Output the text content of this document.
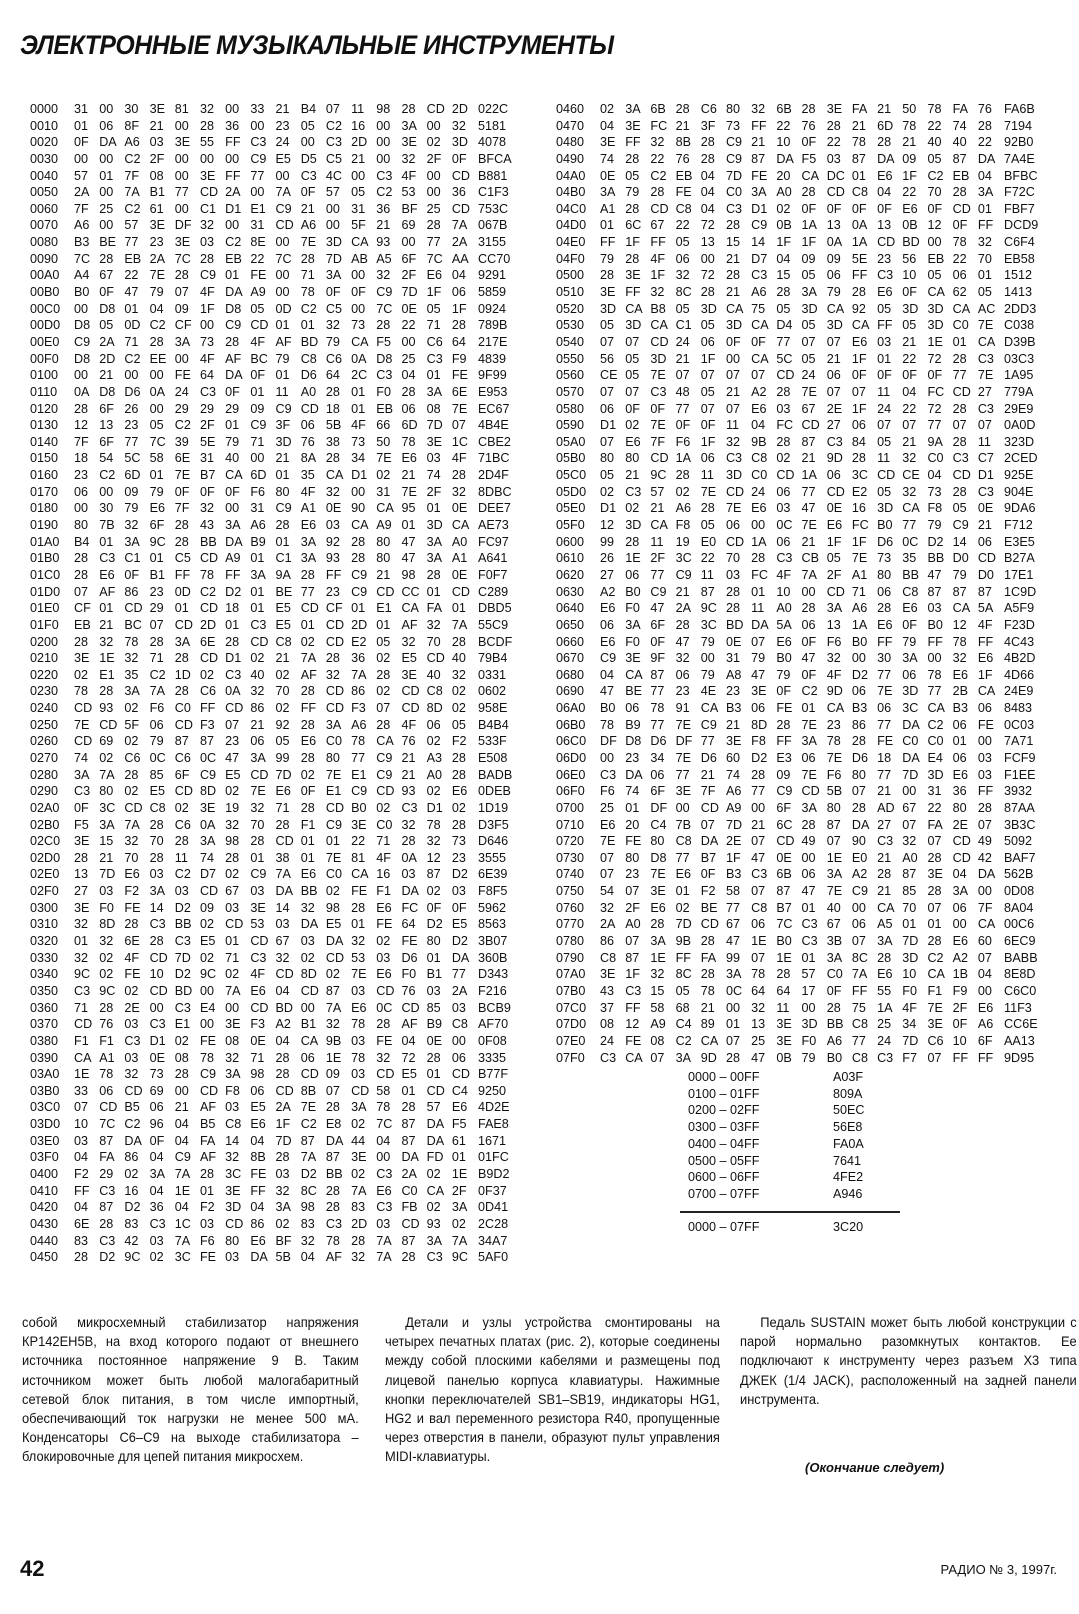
ЭЛЕКТРОННЫЕ МУЗЫКАЛЬНЫЕ ИНСТРУМЕНТЫ
0000	31 00 30 3E 81 32 00 33 21 B4 07 11 98 28 CD 2D 022C
0010	01 06 8F 21 00 28 36 00 23 05 C2 16 00 3A 00 32 5181
0020	0F DA A6 03 3E 55 FF C3 24 00 C3 2D 00 3E 02 3D 4078
0030	00 00 C2 2F 00 00 00 C9 E5 D5 C5 21 00 32 2F 0F BFCA
0040	57 01 7F 08 00 3E FF 77 00 C3 4C 00 C3 4F 00 CD B881
0050	2A 00 7A B1 77 CD 2A 00 7A 0F 57 05 C2 53 00 36 C1F3
0060	7F 25 C2 61 00 C1 D1 E1 C9 21 00 31 36 BF 25 CD 753C
0070	A6 00 57 3E DF 32 00 31 CD A6 00 5F 21 69 28 7A 067B
0080	B3 BE 77 23 3E 03 C2 8E 00 7E 3D CA 93 00 77 2A 3155
0090	7C 28 EB 2A 7C 28 EB 22 7C 28 7D AB A5 6F 7C AA CC70
00A0	A4 67 22 7E 28 C9 01 FE 00 71 3A 00 32 2F E6 04 9291
00B0	B0 0F 47 79 07 4F DA A9 00 78 0F 0F C9 7D 1F 06 5859
00C0	00 D8 01 04 09 1F D8 05 0D C2 C5 00 7C 0E 05 1F 0924
00D0	D8 05 0D C2 CF 00 C9 CD 01 01 32 73 28 22 71 28 789B
00E0	C9 2A 71 28 3A 73 28 4F AF BD 79 CA F5 00 C6 64 217E
00F0	D8 2D C2 EE 00 4F AF BC 79 C8 C6 0A D8 25 C3 F9 4839
0100	00 21 00 00 FE 64 DA 0F 01 D6 64 2C C3 04 01 FE 9F99
0110	0A D8 D6 0A 24 C3 0F 01 11 A0 28 01 F0 28 3A 6E E953
0120	28 6F 26 00 29 29 29 09 C9 CD 18 01 EB 06 08 7E EC67
0130	12 13 23 05 C2 2F 01 C9 3F 06 5B 4F 66 6D 7D 07 4B4E
0140	7F 6F 77 7C 39 5E 79 71 3D 76 38 73 50 78 3E 1C CBE2
0150	18 54 5C 58 6E 31 40 00 21 8A 28 34 7E E6 03 4F 71BC
0160	23 C2 6D 01 7E B7 CA 6D 01 35 CA D1 02 21 74 28 2D4F
0170	06 00 09 79 0F 0F 0F F6 80 4F 32 00 31 7E 2F 32 8DBC
0180	00 30 79 E6 7F 32 00 31 C9 A1 0E 90 CA 95 01 0E DEE7
0190	80 7B 32 6F 28 43 3A A6 28 E6 03 CA A9 01 3D CA AE73
01A0	B4 01 3A 9C 28 BB DA B9 01 3A 92 28 80 47 3A A0 FC97
01B0	28 C3 C1 01 C5 CD A9 01 C1 3A 93 28 80 47 3A A1 A641
01C0	28 E6 0F B1 FF 78 FF 3A 9A 28 FF C9 21 98 28 0E F0F7
01D0	07 AF 86 23 0D C2 D2 01 BE 77 23 C9 CD CC 01 CD C289
01E0	CF 01 CD 29 01 CD 18 01 E5 CD CF 01 E1 CA FA 01 DBD5
01F0	EB 21 BC 07 CD 2D 01 C3 E5 01 CD 2D 01 AF 32 7A 55C9
0200	28 32 78 28 3A 6E 28 CD C8 02 CD E2 05 32 70 28 BCDF
0210	3E 1E 32 71 28 CD D1 02 21 7A 28 36 02 E5 CD 40 79B4
0220	02 E1 35 C2 1D 02 C3 40 02 AF 32 7A 28 3E 40 32 0331
0230	78 28 3A 7A 28 C6 0A 32 70 28 CD 86 02 CD C8 02 0602
0240	CD 93 02 F6 C0 FF CD 86 02 FF CD F3 07 CD 8D 02 958E
0250	7E CD 5F 06 CD F3 07 21 92 28 3A A6 28 4F 06 05 B4B4
0260	CD 69 02 79 87 87 23 06 05 E6 C0 78 CA 76 02 F2 533F
0270	74 02 C6 0C C6 0C 47 3A 99 28 80 77 C9 21 A3 28 E508
0280	3A 7A 28 85 6F C9 E5 CD 7D 02 7E E1 C9 21 A0 28 BADB
0290	C3 80 02 E5 CD 8D 02 7E E6 0F E1 C9 CD 93 02 E6 0DEB
02A0	0F 3C CD C8 02 3E 19 32 71 28 CD B0 02 C3 D1 02 1D19
02B0	F5 3A 7A 28 C6 0A 32 70 28 F1 C9 3E C0 32 78 28 D3F5
02C0	3E 15 32 70 28 3A 98 28 CD 01 01 22 71 28 32 73 D646
02D0	28 21 70 28 11 74 28 01 38 01 7E 81 4F 0A 12 23 3555
02E0	13 7D E6 03 C2 D7 02 C9 7A E6 C0 CA 16 03 87 D2 6E39
02F0	27 03 F2 3A 03 CD 67 03 DA BB 02 FE F1 DA 02 03 F8F5
0300	3E F0 FE 14 D2 09 03 3E 14 32 98 28 E6 FC 0F 0F 5962
0310	32 8D 28 C3 BB 02 CD 53 03 DA E5 01 FE 64 D2 E5 8563
0320	01 32 6E 28 C3 E5 01 CD 67 03 DA 32 02 FE 80 D2 3B07
0330	32 02 4F CD 7D 02 71 C3 32 02 CD 53 03 D6 01 DA 360B
0340	9C 02 FE 10 D2 9C 02 4F CD 8D 02 7E E6 F0 B1 77 D343
0350	C3 9C 02 CD BD 00 7A E6 04 CD 87 03 CD 76 03 2A F216
0360	71 28 2E 00 C3 E4 00 CD BD 00 7A E6 0C CD 85 03 BCB9
0370	CD 76 03 C3 E1 00 3E F3 A2 B1 32 78 28 AF B9 C8 AF70
0380	F1 F1 C3 D1 02 FE 08 0E 04 CA 9B 03 FE 04 0E 00 0F08
0390	CA A1 03 0E 08 78 32 71 28 06 1E 78 32 72 28 06 3335
03A0	1E 78 32 73 28 C9 3A 98 28 CD 09 03 CD E5 01 CD B77F
03B0	33 06 CD 69 00 CD F8 06 CD 8B 07 CD 58 01 CD C4 9250
03C0	07 CD B5 06 21 AF 03 E5 2A 7E 28 3A 78 28 57 E6 4D2E
03D0	10 7C C2 96 04 B5 C8 E6 1F C2 E8 02 7C 87 DA F5 FAE8
03E0	03 87 DA 0F 04 FA 14 04 7D 87 DA 44 04 87 DA 61 1671
03F0	04 FA 86 04 C9 AF 32 8B 28 7A 87 3E 00 DA FD 01 01FC
0400	F2 29 02 3A 7A 28 3C FE 03 D2 BB 02 C3 2A 02 1E B9D2
0410	FF C3 16 04 1E 01 3E FF 32 8C 28 7A E6 C0 CA 2F 0F37
0420	04 87 D2 36 04 F2 3D 04 3A 98 28 83 C3 FB 02 3A 0D41
0430	6E 28 83 C3 1C 03 CD 86 02 83 C3 2D 03 CD 93 02 2C28
0440	83 C3 42 03 7A F6 80 E6 BF 32 78 28 7A 87 3A 7A 34A7
0450	28 D2 9C 02 3C FE 03 DA 5B 04 AF 32 7A 28 C3 9C 5AF0
0460	02 3A 6B 28 C6 80 32 6B 28 3E FA 21 50 78 FA 76 FA6B
0470	04 3E FC 21 3F 73 FF 22 76 28 21 6D 78 22 74 28 7194
0480	3E FF 32 8B 28 C9 21 10 0F 22 78 28 21 40 40 22 92B0
0490	74 28 22 76 28 C9 87 DA F5 03 87 DA 09 05 87 DA 7A4E
04A0	0E 05 C2 EB 04 7D FE 20 CA DC 01 E6 1F C2 EB 04 BFBC
04B0	3A 79 28 FE 04 C0 3A A0 28 CD C8 04 22 70 28 3A F72C
04C0	A1 28 CD C8 04 C3 D1 02 0F 0F 0F 0F E6 0F CD 01 FBF7
04D0	01 6C 67 22 72 28 C9 0B 1A 13 0A 13 0B 12 0F FF DCD9
04E0	FF 1F FF 05 13 15 14 1F 1F 0A 1A CD BD 00 78 32 C6F4
04F0	79 28 4F 06 00 21 D7 04 09 09 5E 23 56 EB 22 70 EB58
0500	28 3E 1F 32 72 28 C3 15 05 06 FF C3 10 05 06 01 1512
0510	3E FF 32 8C 28 21 A6 28 3A 79 28 E6 0F CA 62 05 1413
0520	3D CA B8 05 3D CA 75 05 3D CA 92 05 3D 3D CA AC 2DD3
0530	05 3D CA C1 05 3D CA D4 05 3D CA FF 05 3D C0 7E C038
0540	07 07 CD 24 06 0F 0F 77 07 07 E6 03 21 1E 01 CA D39B
0550	56 05 3D 21 1F 00 CA 5C 05 21 1F 01 22 72 28 C3 03C3
0560	CE 05 7E 07 07 07 07 CD 24 06 0F 0F 0F 0F 77 7E 1A95
0570	07 07 C3 48 05 21 A2 28 7E 07 07 11 04 FC CD 27 779A
0580	06 0F 0F 77 07 07 E6 03 67 2E 1F 24 22 72 28 C3 29E9
0590	D1 02 7E 0F 0F 11 04 FC CD 27 06 07 07 77 07 07 0A0D
05A0	07 E6 7F F6 1F 32 9B 28 87 C3 84 05 21 9A 28 11	323D
05B0	80 80 CD 1A 06 C3 C8 02 21 9D 28 11 32 C0 C3 C7 2CED
05C0	05 21 9C 28 11 3D C0 CD 1A 06 3C CD CE 04 CD D1 925E
05D0	02 C3 57 02 7E CD 24 06 77 CD E2 05 32 73 28 C3 904E
05E0	D1 02 21 A6 28 7E E6 03 47 0E 16 3D CA F8 05 0E 9DA6
05F0	12 3D CA F8 05 06 00 0C 7E E6 FC B0 77 79 C9 21 F712
0600	99 28 11 19 E0 CD 1A 06 21 1F 1F D6 0C D2 14 06 E3E5
0610	26 1E 2F 3C 22 70 28 C3 CB 05 7E 73 35 BB D0 CD B27A
0620	27 06 77 C9 11 03 FC 4F 7A 2F A1 80 BB 47 79 D0 17E1
0630	A2 B0 C9 21 87 28 01 10 00 CD 71 06 C8 87 87 87 1C9D
0640	E6 F0 47 2A 9C 28 11 A0 28 3A A6 28 E6 03 CA 5A A5F9
0650	06 3A 6F 28 3C BD DA 5A 06 13 1A E6 0F B0 12 4F F23D
0660	E6 F0 0F 47 79 0E 07 E6 0F F6 B0 FF 79 FF 78 FF 4C43
0670	C9 3E 9F 32 00 31 79 B0 47 32 00 30 3A 00 32 E6 4B2D
0680	04 CA 87 06 79 A8 47 79 0F 4F D2 77 06 78 E6 1F 4D66
0690	47 BE 77 23 4E 23 3E 0F C2 9D 06 7E 3D 77 2B CA 24E9
06A0	B0 06 78 91 CA B3 06 FE 01 CA B3 06 3C CA B3 06 8483
06B0	78 B9 77 7E C9 21 8D 28 7E 23 86 77 DA C2 06 FE 0C03
06C0	DF D8 D6 DF 77 3E F8 FF 3A 78 28 FE C0 C0 01 00 7A71
06D0	00 23 34 7E D6 60 D2 E3 06 7E D6 18 DA E4 06 03 FCF9
06E0	C3 DA 06 77 21 74 28 09 7E F6 80 77 7D 3D E6 03 F1EE
06F0	F6 74 6F 3E 7F A6 77 C9 CD 5B 07 21 00 31 36 FF 3932
0700	25 01 DF 00 CD A9 00 6F 3A 80 28 AD 67 22 80 28 87AA
0710	E6 20 C4 7B 07 7D 21 6C 28 87 DA 27 07 FA 2E 07 3B3C
0720	7E FE 80 C8 DA 2E 07 CD 49 07 90 C3 32 07 CD 49 5092
0730	07 80 D8 77 B7 1F 47 0E 00 1E E0 21 A0 28 CD 42 BAF7
0740	07 23 7E E6 0F B3 C3 6B 06 3A A2 28 87 3E 04 DA 562B
0750	54 07 3E 01 F2 58 07 87 47 7E C9 21 85 28 3A 00 0D08
0760	32 2F E6 02 BE 77 C8 B7 01 40 00 CA 70 07 06 7F 8A04
0770	2A A0 28 7D CD 67 06 7C C3 67 06 A5 01 01 00 CA 00C6
0780	86 07 3A 9B 28 47 1E B0 C3 3B 07 3A 7D 28 E6 60 6EC9
0790	C8 87 1E FF FA 99 07 1E 01 3A 8C 28 3D C2 A2 07 BABB
07A0	3E 1F 32 8C 28 3A 78 28 57 C0 7A E6 10 CA 1B 04 8E8D
07B0	43 C3 15 05 78 0C 64 64 17 0F FF 55 F0 F1 F9 00 C6C0
07C0	37 FF 58 68 21 00 32 11 00 28 75 1A 4F 7E 2F E6 11F3
07D0	08 12 A9 C4 89 01 13 3E 3D BB C8 25 34 3E 0F A6 CC6E
07E0	24 FE 08 C2 CA 07 25 3E F0 A6 77 24 7D C6 10 6F AA13
07F0	C3 CA 07 3A 9D 28 47 0B 79 B0 C8 C3 F7 07 FF FF 9D95
0000 – 00FF	A03F
0100 – 01FF	809A
0200 – 02FF	50EC
0300 – 03FF	56E8
0400 – 04FF	FA0A
0500 – 05FF	7641
0600 – 06FF	4FE2
0700 – 07FF	A946
0000 – 07FF	3C20
собой микросхемный стабилизатор напряжения КР142ЕН5В, на вход которого подают от внешнего источника постоянное напряжение 9 В. Таким источником может быть любой малогабаритный сетевой блок питания, в том числе импортный, обеспечивающий ток нагрузки не менее 500 мА. Конденсаторы С6–С9 на выходе стабилизатора – блокировочные для цепей питания микросхем.
Детали и узлы устройства смонтированы на четырех печатных платах (рис. 2), которые соединены между собой плоскими кабелями и размещены под лицевой панелью корпуса клавиатуры. Нажимные кнопки переключателей SB1–SB19, индикаторы HG1, HG2 и вал переменного резистора R40, пропущенные через отверстия в панели, образуют пульт управления MIDI-клавиатуры.
Педаль SUSTAIN может быть любой конструкции с парой нормально разомкнутых контактов. Ее подключают к инструменту через разъем Х3 типа ДЖЕК (1/4 JACK), расположенный на задней панели инструмента.
(Окончание следует)
42	РАДИО № 3, 1997г.
